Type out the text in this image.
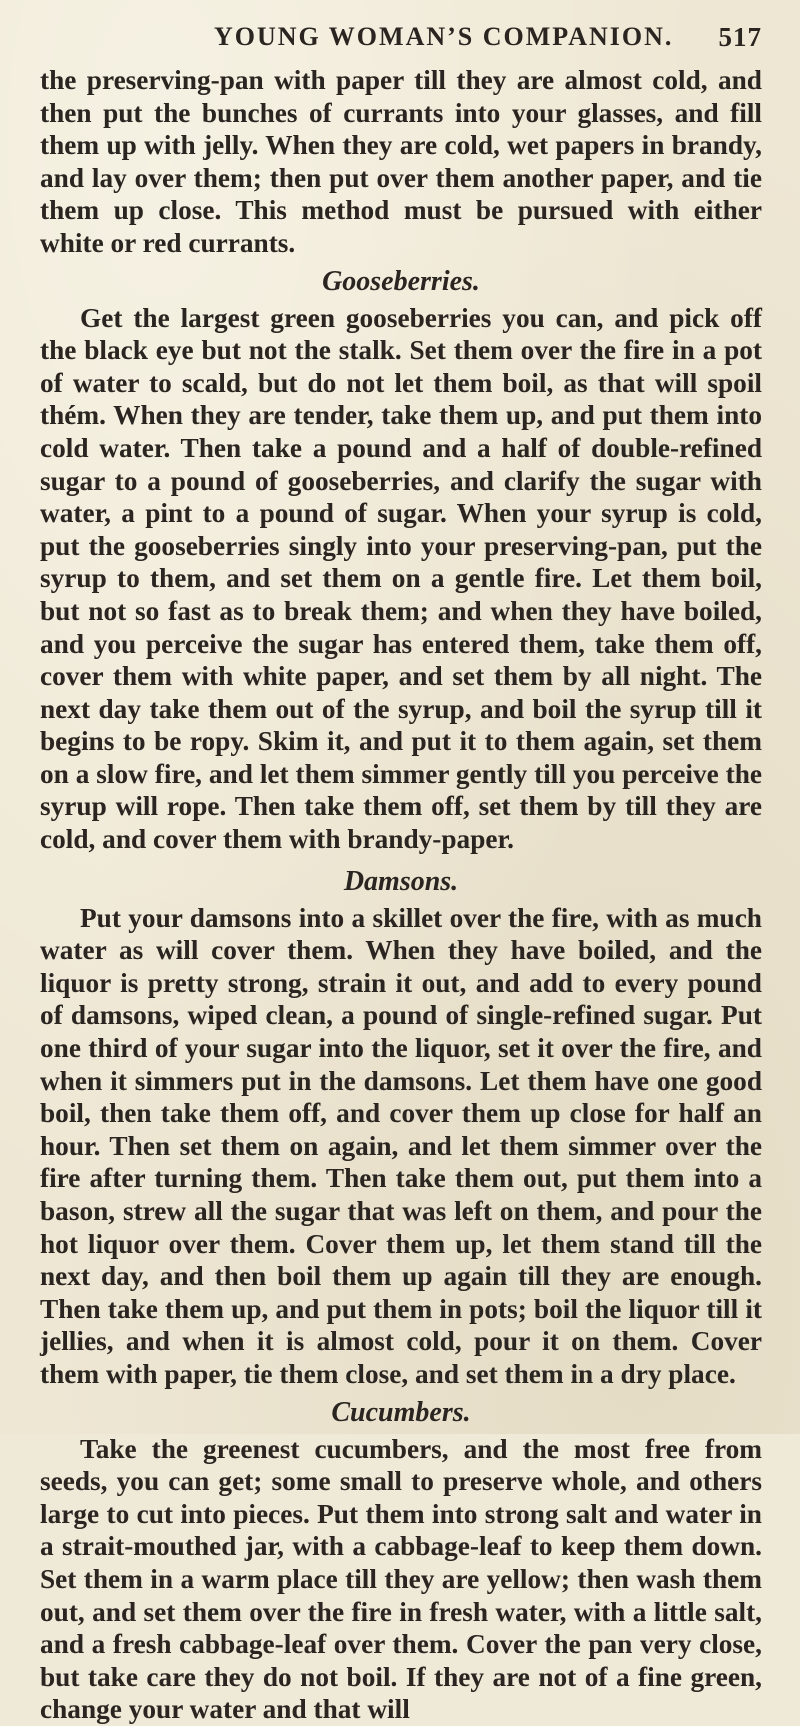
YOUNG WOMAN’S COMPANION. 517

the preserving-pan with paper till they are almost cold, and then put the bunches of currants into your glasses, and fill them up with jelly. When they are cold, wet papers in brandy, and lay over them; then put over them another paper, and tie them up close. This method must be pursued with either white or red currants.

Gooseberries.

Get the largest green gooseberries you can, and pick off the black eye but not the stalk. Set them over the fire in a pot of water to scald, but do not let them boil, as that will spoil thém. When they are tender, take them up, and put them into cold water. Then take a pound and a half of double-refined sugar to a pound of gooseberries, and clarify the sugar with water, a pint to a pound of sugar. When your syrup is cold, put the gooseberries singly into your preserving-pan, put the syrup to them, and set them on a gentle fire. Let them boil, but not so fast as to break them; and when they have boiled, and you perceive the sugar has entered them, take them off, cover them with white paper, and set them by all night. The next day take them out of the syrup, and boil the syrup till it begins to be ropy. Skim it, and put it to them again, set them on a slow fire, and let them simmer gently till you perceive the syrup will rope. Then take them off, set them by till they are cold, and cover them with brandy-paper.

Damsons.

Put your damsons into a skillet over the fire, with as much water as will cover them. When they have boiled, and the liquor is pretty strong, strain it out, and add to every pound of damsons, wiped clean, a pound of single-refined sugar. Put one third of your sugar into the liquor, set it over the fire, and when it simmers put in the damsons. Let them have one good boil, then take them off, and cover them up close for half an hour. Then set them on again, and let them simmer over the fire after turning them. Then take them out, put them into a bason, strew all the sugar that was left on them, and pour the hot liquor over them. Cover them up, let them stand till the next day, and then boil them up again till they are enough. Then take them up, and put them in pots; boil the liquor till it jellies, and when it is almost cold, pour it on them. Cover them with paper, tie them close, and set them in a dry place.

Cucumbers.

Take the greenest cucumbers, and the most free from seeds, you can get; some small to preserve whole, and others large to cut into pieces. Put them into strong salt and water in a strait-mouthed jar, with a cabbage-leaf to keep them down. Set them in a warm place till they are yellow; then wash them out, and set them over the fire in fresh water, with a little salt, and a fresh cabbage-leaf over them. Cover the pan very close, but take care they do not boil. If they are not of a fine green, change your water and that will
